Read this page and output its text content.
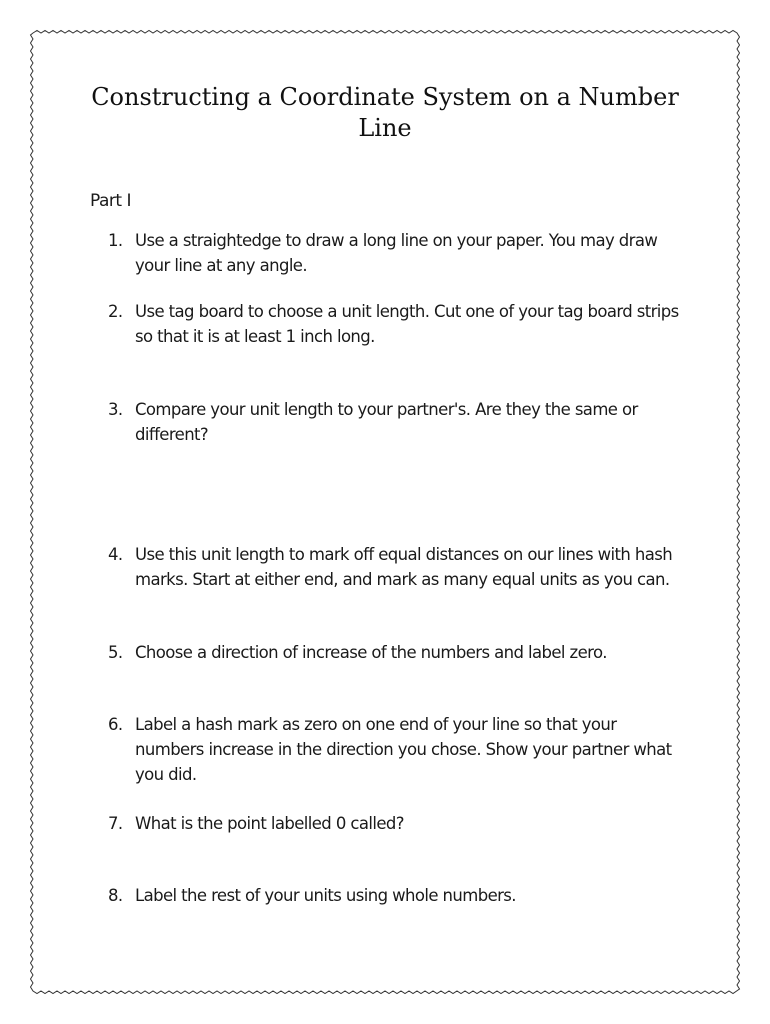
Constructing a Coordinate System on a Number Line
Part I
1. Use a straightedge to draw a long line on your paper. You may draw your line at any angle.
2. Use tag board to choose a unit length. Cut one of your tag board strips so that it is at least 1 inch long.
3. Compare your unit length to your partner's. Are they the same or different?
4. Use this unit length to mark off equal distances on our lines with hash marks. Start at either end, and mark as many equal units as you can.
5. Choose a direction of increase of the numbers and label zero.
6. Label a hash mark as zero on one end of your line so that your numbers increase in the direction you chose. Show your partner what you did.
7. What is the point labelled 0 called?
8. Label the rest of your units using whole numbers.
